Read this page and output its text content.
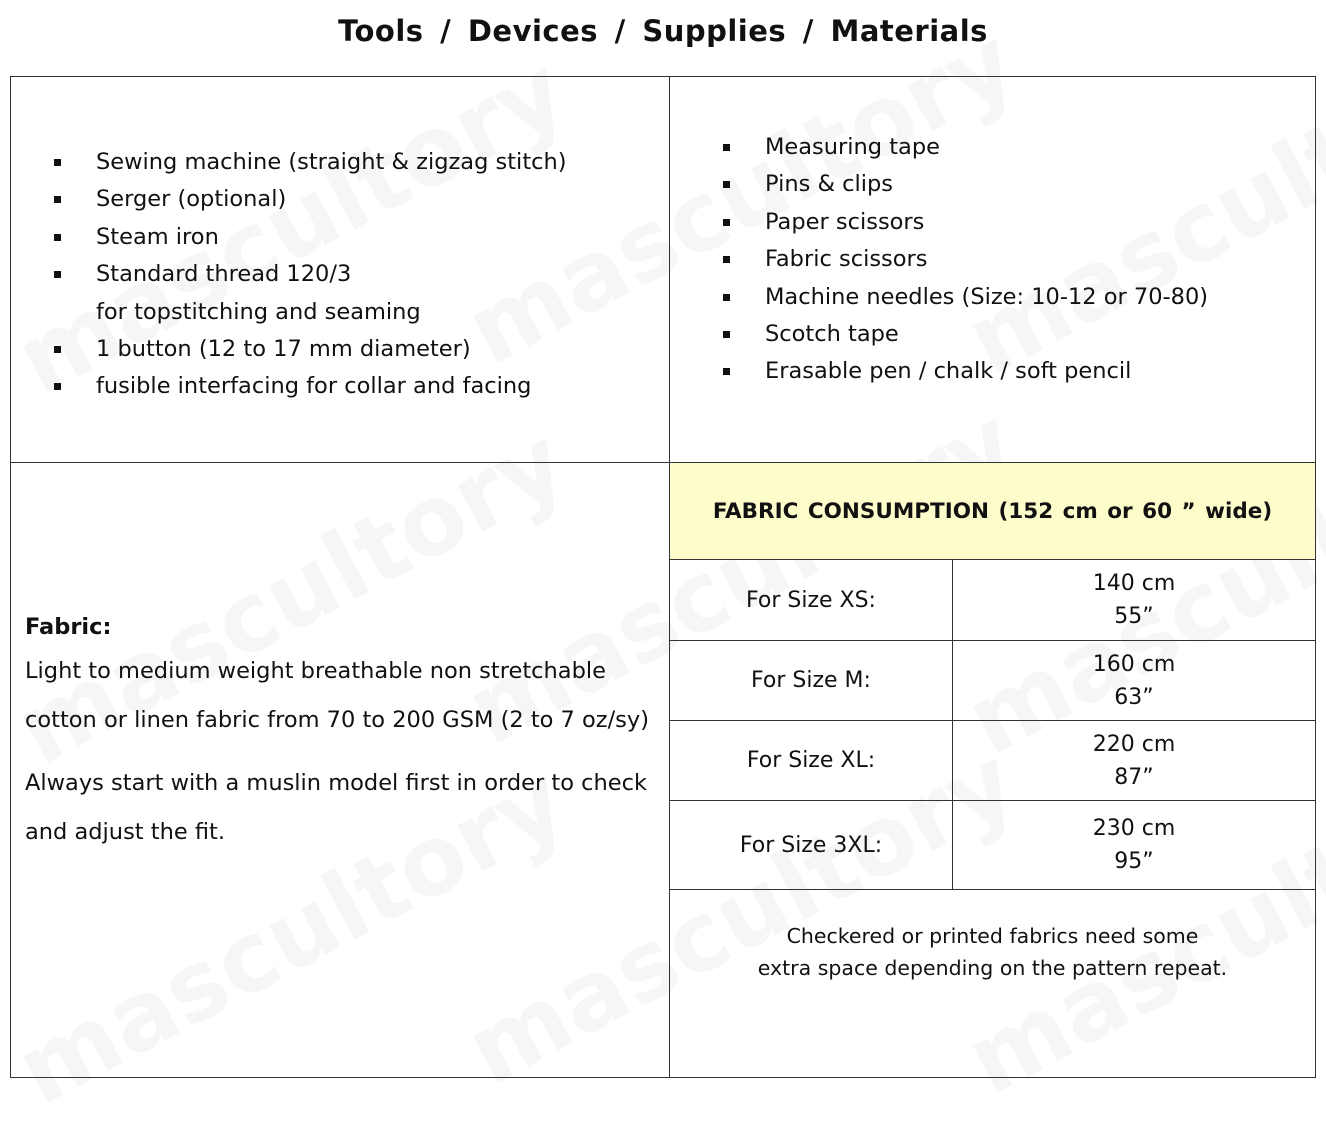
Tools / Devices / Supplies / Materials
Sewing machine (straight & zigzag stitch)
Serger (optional)
Steam iron
Standard thread 120/3
for topstitching and seaming
1 button (12 to 17 mm diameter)
fusible interfacing for collar and facing
Measuring tape
Pins & clips
Paper scissors
Fabric scissors
Machine needles (Size: 10-12 or 70-80)
Scotch tape
Erasable pen / chalk / soft pencil
Fabric:
Light to medium weight breathable non stretchable
cotton or linen fabric from 70 to 200 GSM (2 to 7 oz/sy)
Always start with a muslin model first in order to check
and adjust the fit.
FABRIC CONSUMPTION (152 cm or 60 ” wide)
For Size XS:
140 cm
55”
For Size M:
160 cm
63”
For Size XL:
220 cm
87”
For Size 3XL:
230 cm
95”
Checkered or printed fabrics need some
extra space depending on the pattern repeat.
